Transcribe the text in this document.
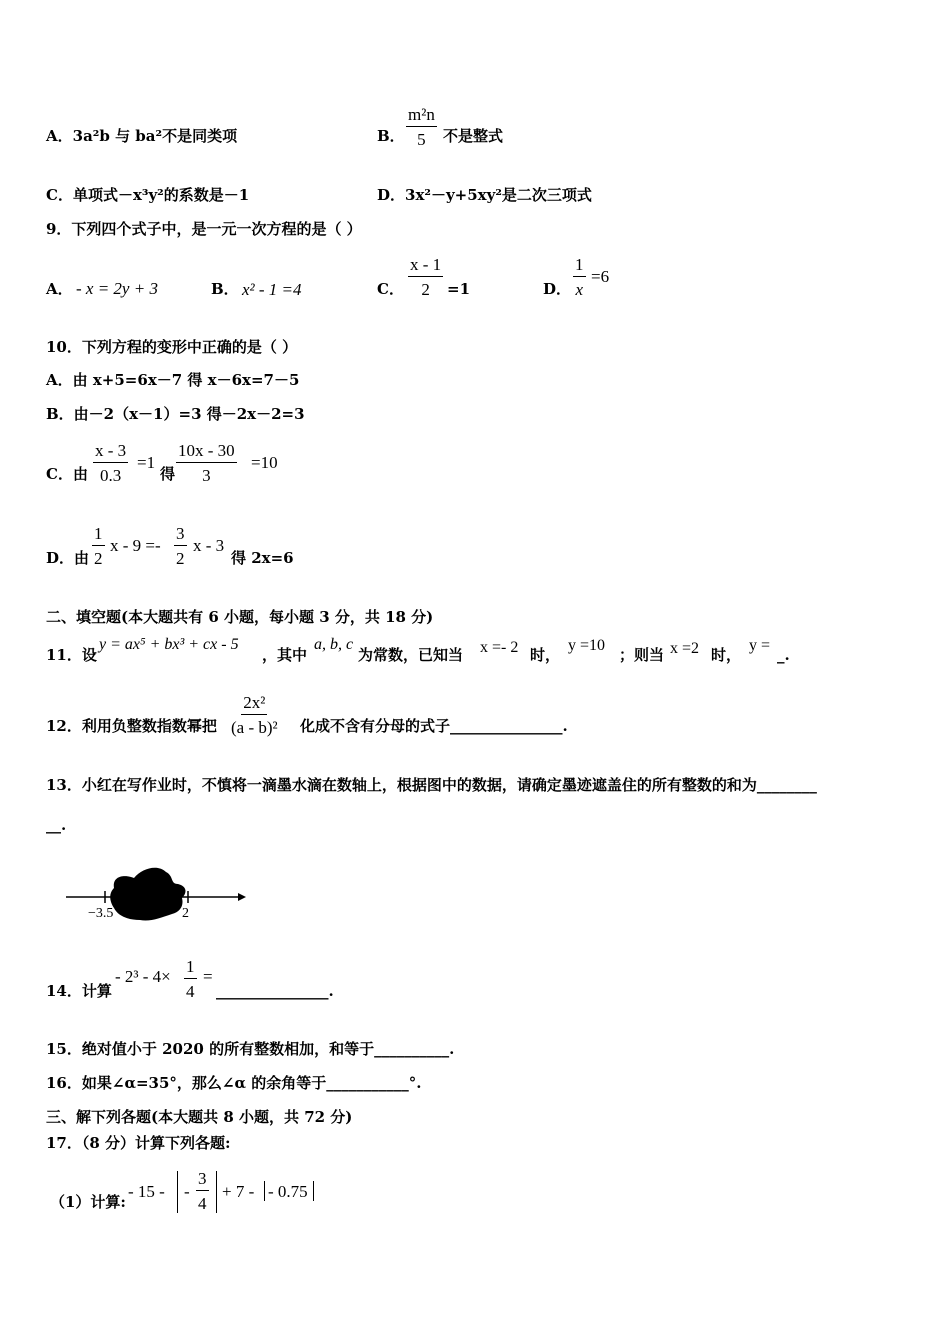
A．3a²b 与 ba²不是同类项	B． $\frac{\text{m²n}}{5}$ 不是整式
C．单项式－x³y²的系数是－1	D．3x²－y+5xy²是二次三项式
9．下列四个式子中，是一元一次方程的是（ ）
A． - x = 2y + 3	B． x² - 1 =4	C． $\frac{x - 1}{2} =1$	D． $\frac{1}{x} =6$
10．下列方程的变形中正确的是（ ）
A．由 x+5=6x－7 得 x－6x=7－5
B．由－2（x－1）=3 得－2x－2=3
C．由 $\frac{x - 3}{0.3} =1$
得 $\frac{10x - 30}{3} =10$
D．由 $\frac{1}{2}$ $x - 9 =- \frac{3}{2}$ x - 3
得 2x=6
二、填空题(本大题共有 6 小题，每小题 3 分，共 18 分)
11．设
y = ax⁵ + bx³ + cx - 5
，其中
a, b, c
为常数，已知当 x =- 2 时，
y =10
；则当 x =2 时，
y =
_.
12．利用负整数指数幂把 $\frac{\text{2x²}}{\text{(a - b)²}}$ 化成不含有分母的式子_______________.
13．小红在写作业时，不慎将一滴墨水滴在数轴上，根据图中的数据，请确定墨迹遮盖住的所有整数的和为________
__.
−3.5	2
14．计算
- $2^3 - 4\times \frac{1}{4}$ =
_______________.
15．绝对值小于 2020 的所有整数相加，和等于__________.
16．如果∠α=35°，那么∠α 的余角等于___________°.
三、解下列各题(本大题共 8 小题，共 72 分)
17．（8 分）计算下列各题:
（1）计算:
- 15 - - $\frac{3}{4} + 7$ - - 0.75
